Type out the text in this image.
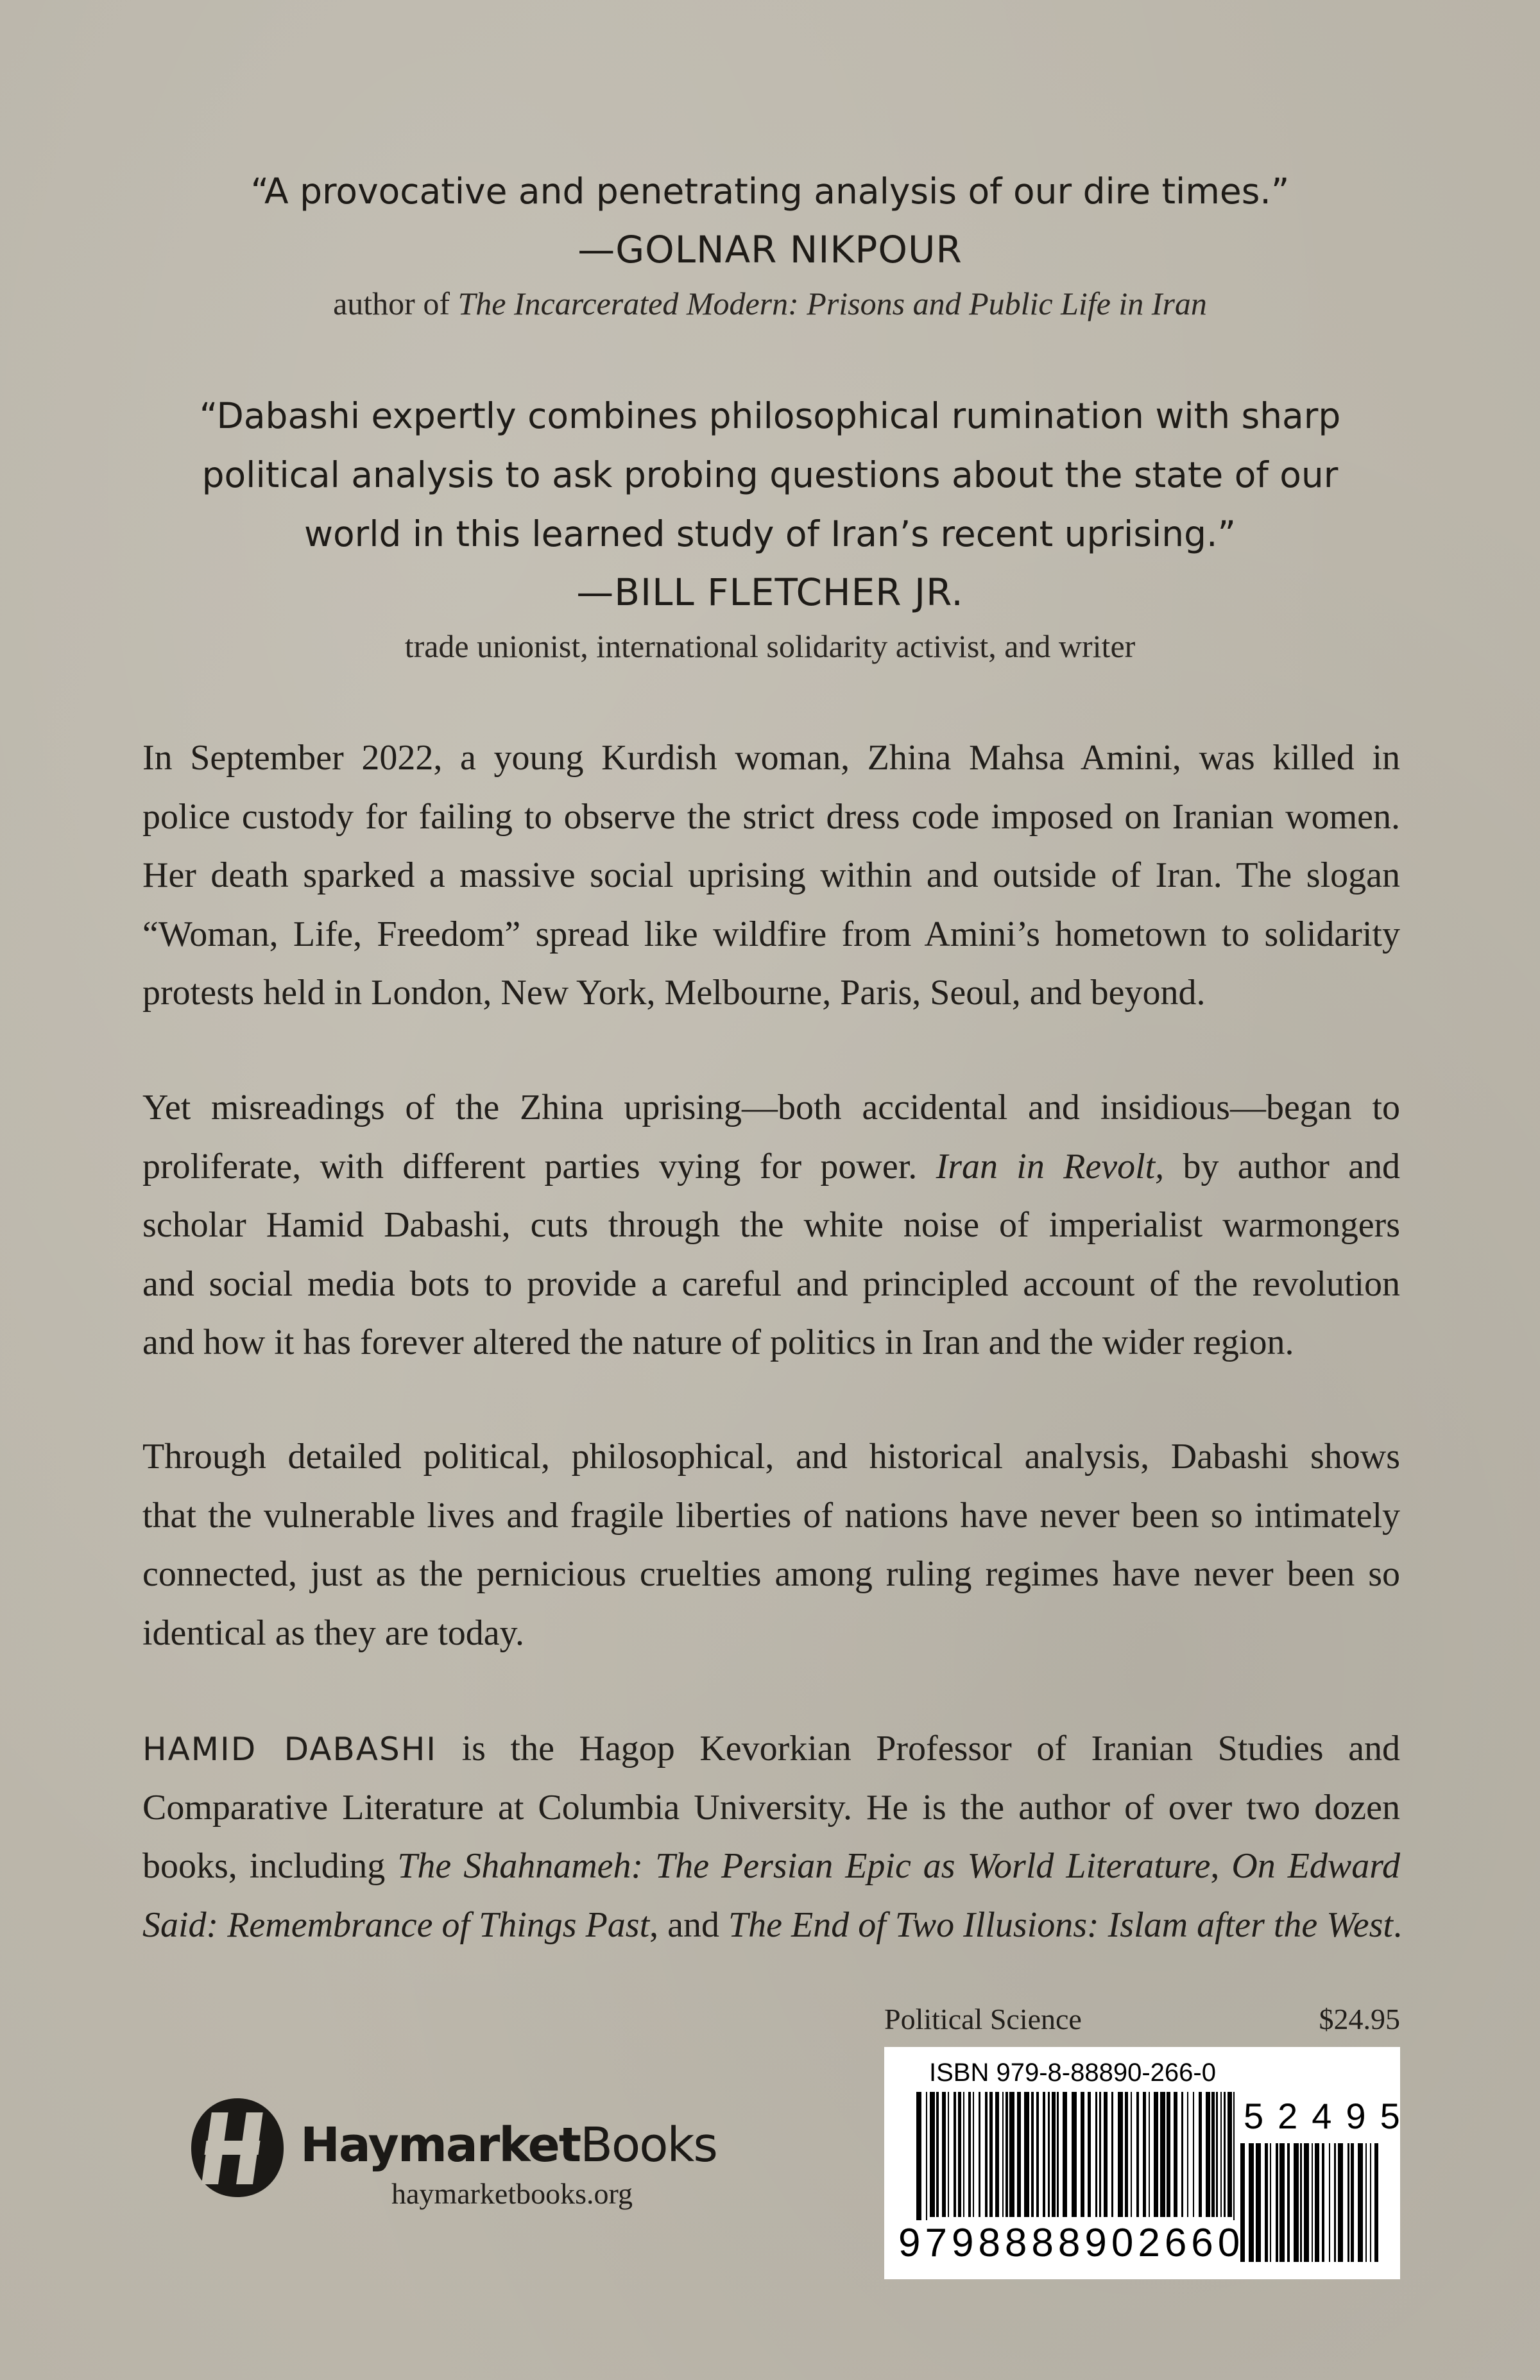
“A provocative and penetrating analysis of our dire times.”
—GOLNAR NIKPOUR
author of The Incarcerated Modern: Prisons and Public Life in Iran
“Dabashi expertly combines philosophical rumination with sharp
political analysis to ask probing questions about the state of our
world in this learned study of Iran’s recent uprising.”
—BILL FLETCHER JR.
trade unionist, international solidarity activist, and writer
In September 2022, a young Kurdish woman, Zhina Mahsa Amini, was killed in
police custody for failing to observe the strict dress code imposed on Iranian women.
Her death sparked a massive social uprising within and outside of Iran. The slogan
“Woman, Life, Freedom” spread like wildfire from Amini’s hometown to solidarity
protests held in London, New York, Melbourne, Paris, Seoul, and beyond.
Yet misreadings of the Zhina uprising—both accidental and insidious—began to
proliferate, with different parties vying for power. Iran in Revolt, by author and
scholar Hamid Dabashi, cuts through the white noise of imperialist warmongers
and social media bots to provide a careful and principled account of the revolution
and how it has forever altered the nature of politics in Iran and the wider region.
Through detailed political, philosophical, and historical analysis, Dabashi shows
that the vulnerable lives and fragile liberties of nations have never been so intimately
connected, just as the pernicious cruelties among ruling regimes have never been so
identical as they are today.
HAMID DABASHI is the Hagop Kevorkian Professor of Iranian Studies and
Comparative Literature at Columbia University. He is the author of over two dozen
books, including The Shahnameh: The Persian Epic as World Literature, On Edward
Said: Remembrance of Things Past, and The End of Two Illusions: Islam after the West.
Political Science	$24.95
ISBN 979-8-88890-266-0
52495
9798888902660
HaymarketBooks
haymarketbooks.org
